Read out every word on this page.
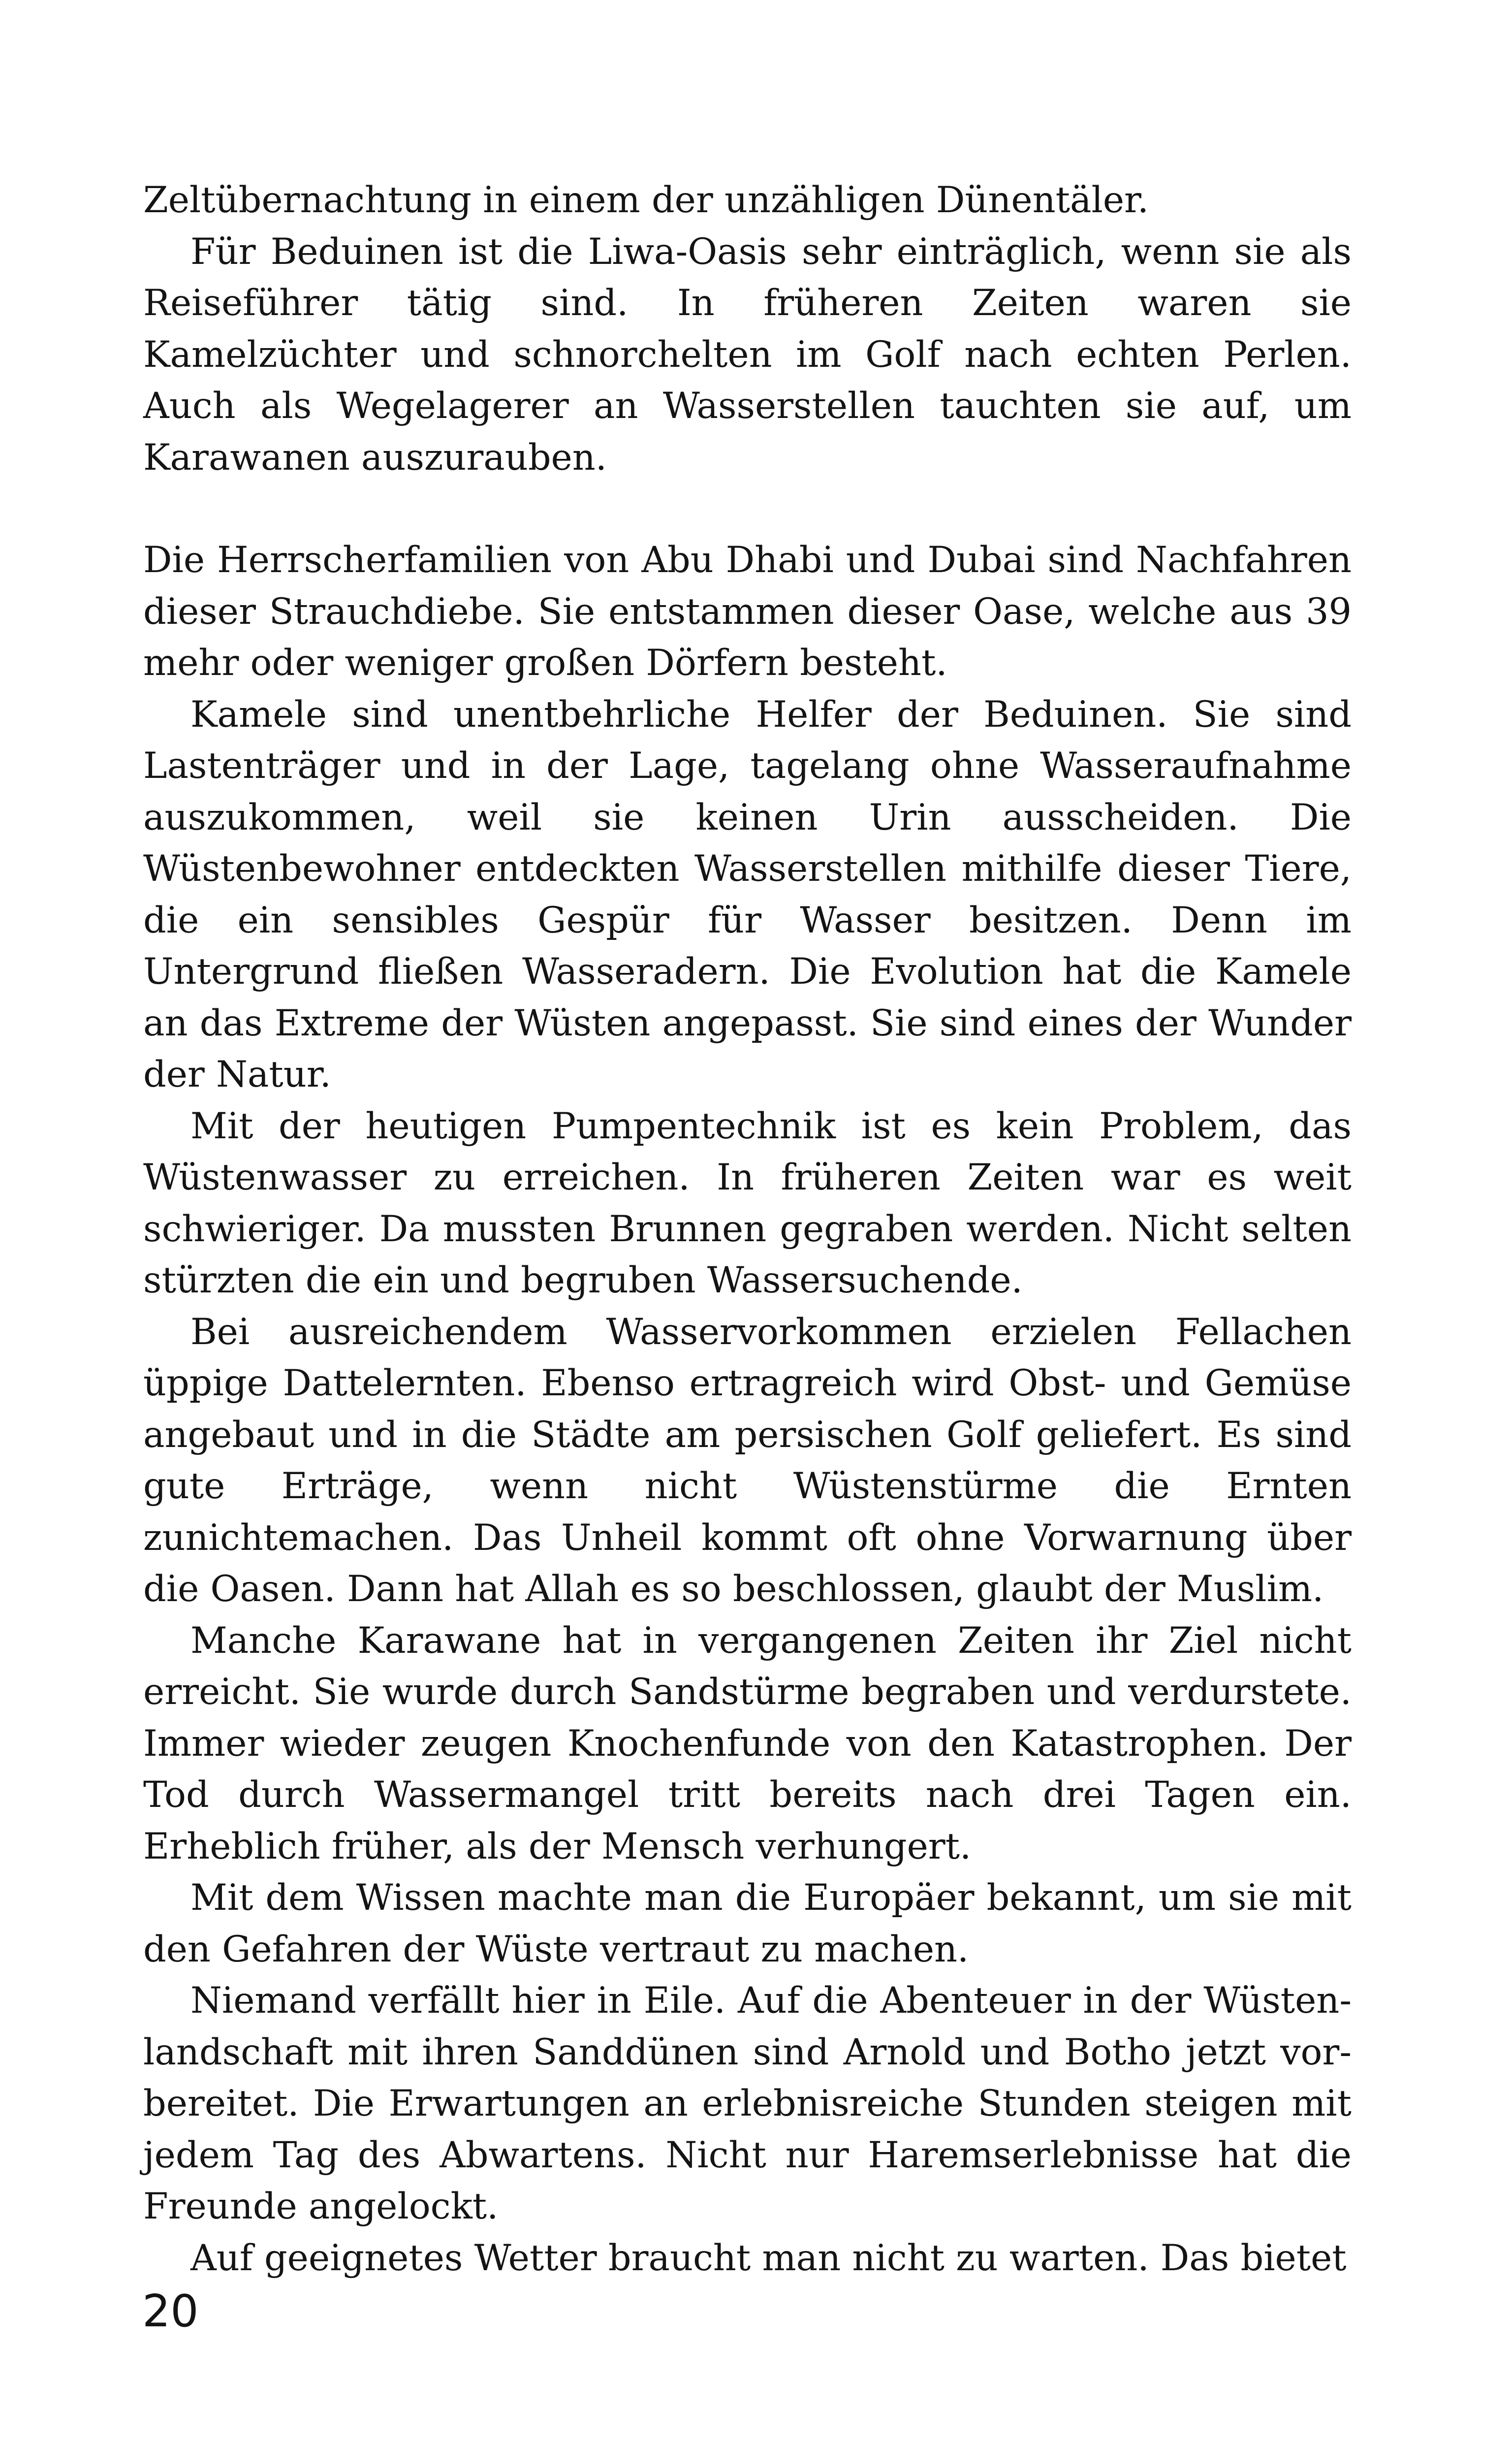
Zeltübernachtung in einem der unzähligen Dünentäler.

Für Beduinen ist die Liwa-Oasis sehr einträglich, wenn sie als Reiseführer tätig sind. In früheren Zeiten waren sie Kamelzüchter und schnorchelten im Golf nach echten Perlen. Auch als Wegelagerer an Wasserstellen tauchten sie auf, um Karawanen auszurauben.

Die Herrscherfamilien von Abu Dhabi und Dubai sind Nachfahren dieser Strauchdiebe. Sie entstammen dieser Oase, welche aus 39 mehr oder weniger großen Dörfern besteht.

Kamele sind unentbehrliche Helfer der Beduinen. Sie sind Lastenträger und in der Lage, tagelang ohne Wasseraufnahme auszukommen, weil sie keinen Urin ausscheiden. Die Wüstenbewohner entdeckten Wasserstellen mithilfe dieser Tiere, die ein sensibles Gespür für Wasser besitzen. Denn im Untergrund fließen Wasseradern. Die Evolution hat die Kamele an das Extreme der Wüsten angepasst. Sie sind eines der Wunder der Natur.

Mit der heutigen Pumpentechnik ist es kein Problem, das Wüstenwasser zu erreichen. In früheren Zeiten war es weit schwieriger. Da mussten Brunnen gegraben werden. Nicht selten stürzten die ein und begruben Wassersuchende.

Bei ausreichendem Wasservorkommen erzielen Fellachen üppige Dattelernten. Ebenso ertragreich wird Obst- und Gemüse angebaut und in die Städte am persischen Golf geliefert. Es sind gute Erträge, wenn nicht Wüstenstürme die Ernten zunichtemachen. Das Unheil kommt oft ohne Vorwarnung über die Oasen. Dann hat Allah es so beschlossen, glaubt der Muslim.

Manche Karawane hat in vergangenen Zeiten ihr Ziel nicht erreicht. Sie wurde durch Sandstürme begraben und verdurstete. Immer wieder zeugen Knochenfunde von den Katastrophen. Der Tod durch Wassermangel tritt bereits nach drei Tagen ein. Erheblich früher, als der Mensch verhungert.

Mit dem Wissen machte man die Europäer bekannt, um sie mit den Gefahren der Wüste vertraut zu machen.

Niemand verfällt hier in Eile. Auf die Abenteuer in der Wüstenlandschaft mit ihren Sanddünen sind Arnold und Botho jetzt vorbereitet. Die Erwartungen an erlebnisreiche Stunden steigen mit jedem Tag des Abwartens. Nicht nur Haremserlebnisse hat die Freunde angelockt.

Auf geeignetes Wetter braucht man nicht zu warten. Das bietet

20
